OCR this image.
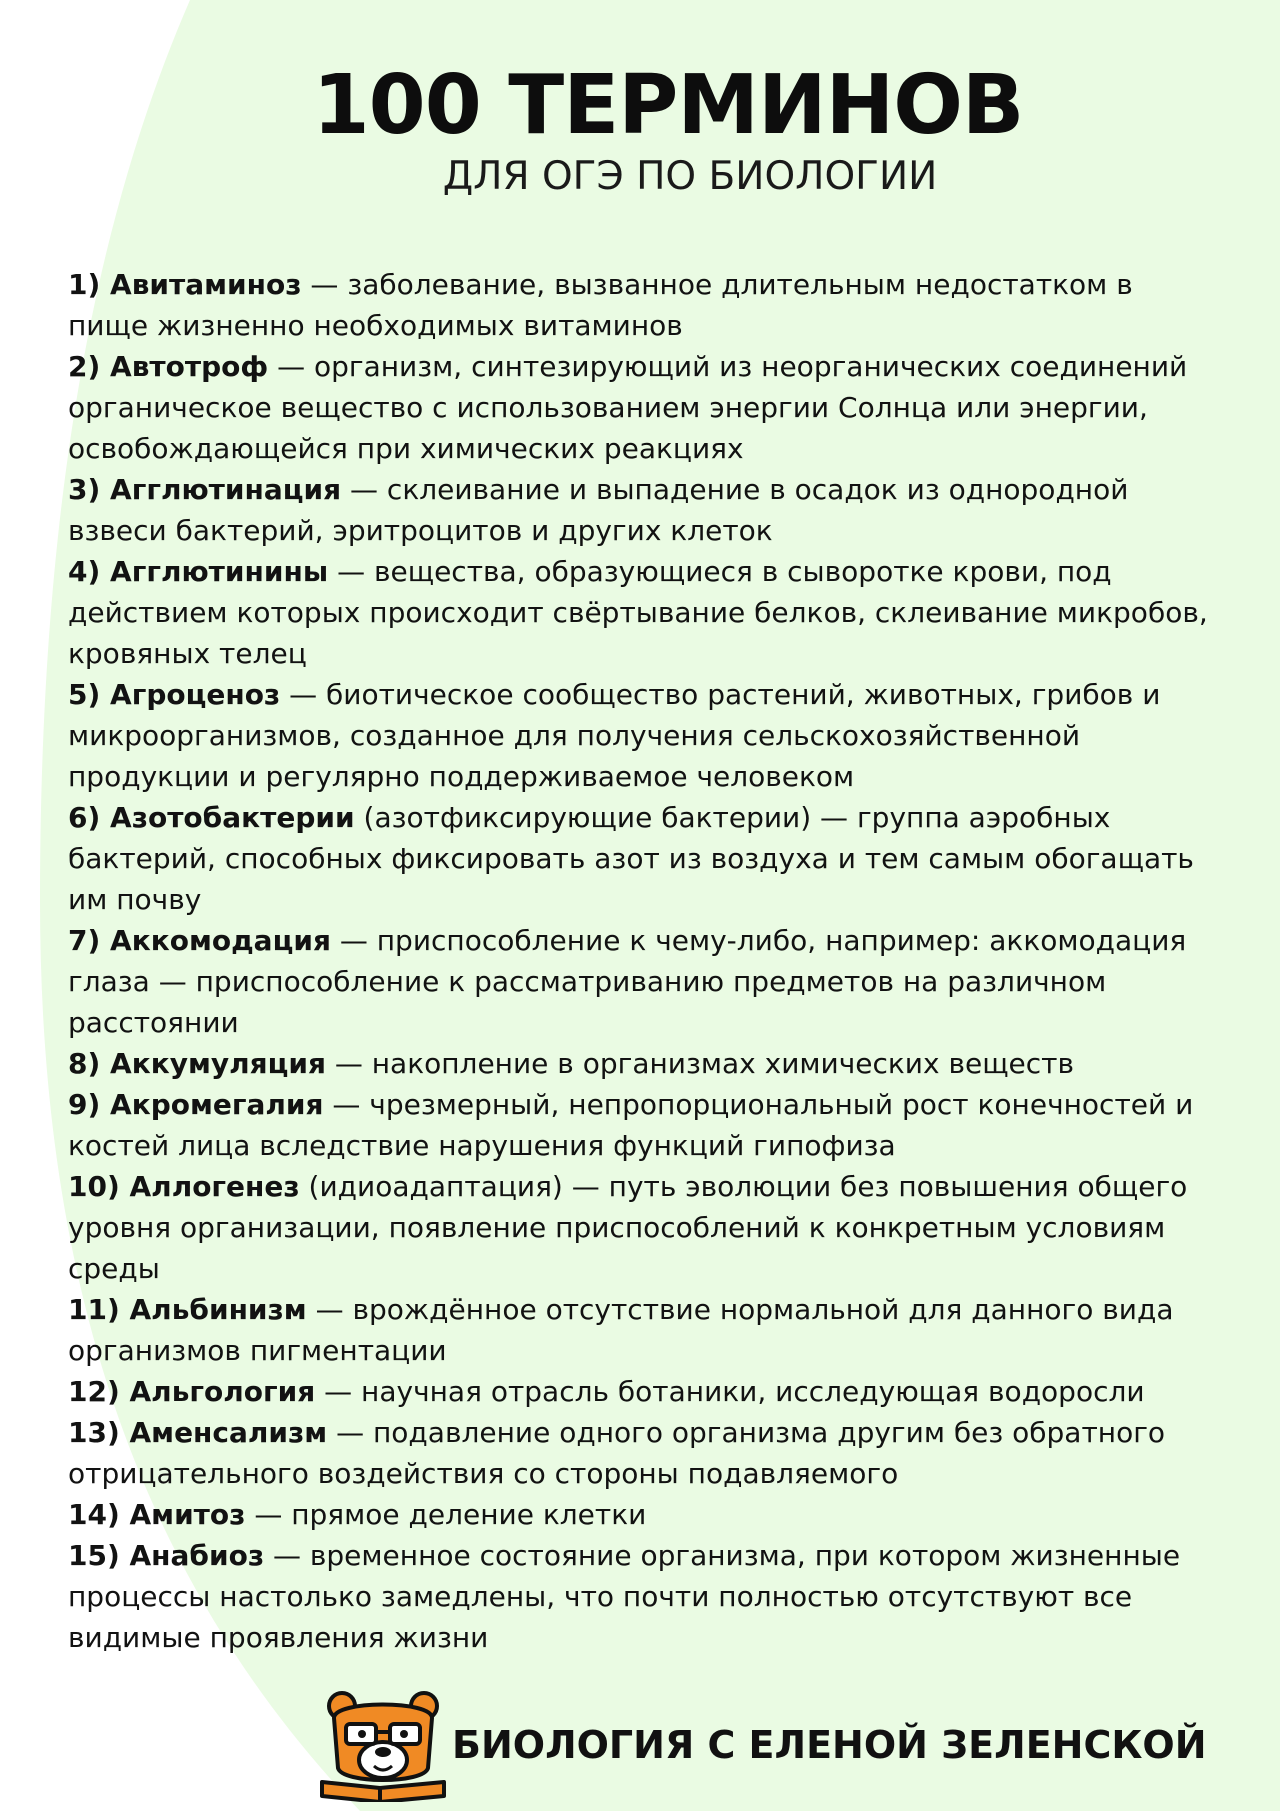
100 ТЕРМИНОВ
ДЛЯ ОГЭ ПО БИОЛОГИИ

1) Авитаминоз — заболевание, вызванное длительным недостатком в пище жизненно необходимых витаминов

2) Автотроф — организм, синтезирующий из неорганических соединений органическое вещество с использованием энергии Солнца или энергии, освобождающейся при химических реакциях

3) Агглютинация — склеивание и выпадение в осадок из однородной взвеси бактерий, эритроцитов и других клеток

4) Агглютинины — вещества, образующиеся в сыворотке крови, под действием которых происходит свёртывание белков, склеивание микробов, кровяных телец

5) Агроценоз — биотическое сообщество растений, животных, грибов и микроорганизмов, созданное для получения сельскохозяйственной продукции и регулярно поддерживаемое человеком

6) Азотобактерии (азотфиксирующие бактерии) — группа аэробных бактерий, способных фиксировать азот из воздуха и тем самым обогащать им почву

7) Аккомодация — приспособление к чему-либо, например: аккомодация глаза — приспособление к рассматриванию предметов на различном расстоянии

8) Аккумуляция — накопление в организмах химических веществ

9) Акромегалия — чрезмерный, непропорциональный рост конечностей и костей лица вследствие нарушения функций гипофиза

10) Аллогенез (идиоадаптация) — путь эволюции без повышения общего уровня организации, появление приспособлений к конкретным условиям среды

11) Альбинизм — врождённое отсутствие нормальной для данного вида организмов пигментации

12) Альгология — научная отрасль ботаники, исследующая водоросли

13) Аменсализм — подавление одного организма другим без обратного отрицательного воздействия со стороны подавляемого

14) Амитоз — прямое деление клетки

15) Анабиоз — временное состояние организма, при котором жизненные процессы настолько замедлены, что почти полностью отсутствуют все видимые проявления жизни

БИОЛОГИЯ С ЕЛЕНОЙ ЗЕЛЕНСКОЙ
